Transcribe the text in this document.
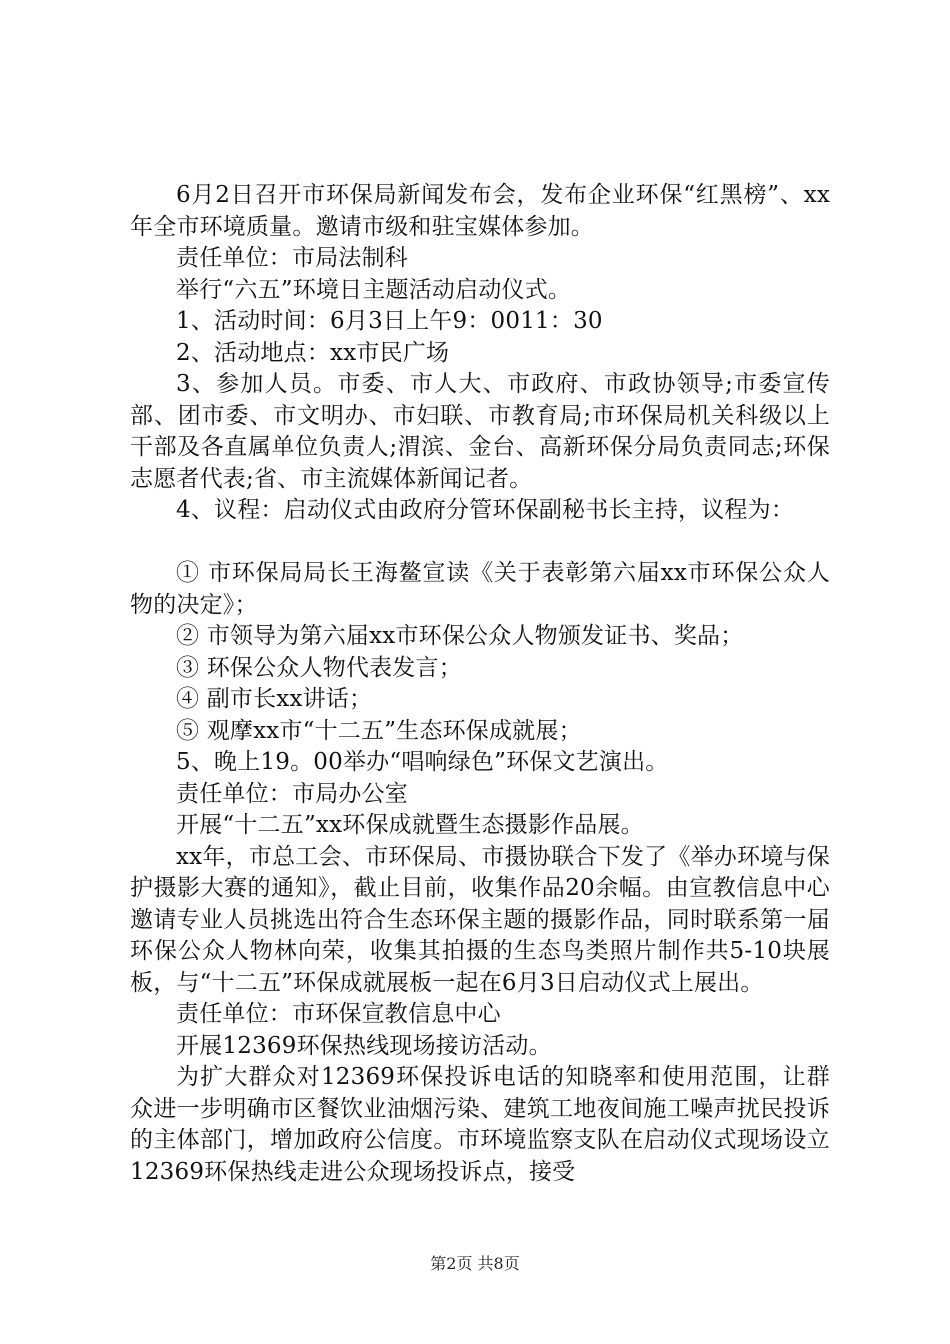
6月2日召开市环保局新闻发布会，发布企业环保“红黑榜”、xx年全市环境质量。邀请市级和驻宝媒体参加。

责任单位：市局法制科

举行“六五”环境日主题活动启动仪式。

1、活动时间：6月3日上午9：0011：30

2、活动地点：xx市民广场

3、参加人员。市委、市人大、市政府、市政协领导;市委宣传部、团市委、市文明办、市妇联、市教育局;市环保局机关科级以上干部及各直属单位负责人;渭滨、金台、高新环保分局负责同志;环保志愿者代表;省、市主流媒体新闻记者。

4、议程：启动仪式由政府分管环保副秘书长主持，议程为：

① 市环保局局长王海鳌宣读《关于表彰第六届xx市环保公众人物的决定》；

② 市领导为第六届xx市环保公众人物颁发证书、奖品；

③ 环保公众人物代表发言；

④ 副市长xx讲话；

⑤ 观摩xx市“十二五”生态环保成就展；

5、晚上19。00举办“唱响绿色”环保文艺演出。

责任单位：市局办公室

开展“十二五”xx环保成就暨生态摄影作品展。

xx年，市总工会、市环保局、市摄协联合下发了《举办环境与保护摄影大赛的通知》，截止目前，收集作品20余幅。由宣教信息中心邀请专业人员挑选出符合生态环保主题的摄影作品，同时联系第一届环保公众人物林向荣，收集其拍摄的生态鸟类照片制作共5-10块展板，与“十二五”环保成就展板一起在6月3日启动仪式上展出。

责任单位：市环保宣教信息中心

开展12369环保热线现场接访活动。

为扩大群众对12369环保投诉电话的知晓率和使用范围，让群众进一步明确市区餐饮业油烟污染、建筑工地夜间施工噪声扰民投诉的主体部门，增加政府公信度。市环境监察支队在启动仪式现场设立12369环保热线走进公众现场投诉点，接受

第2页 共8页
